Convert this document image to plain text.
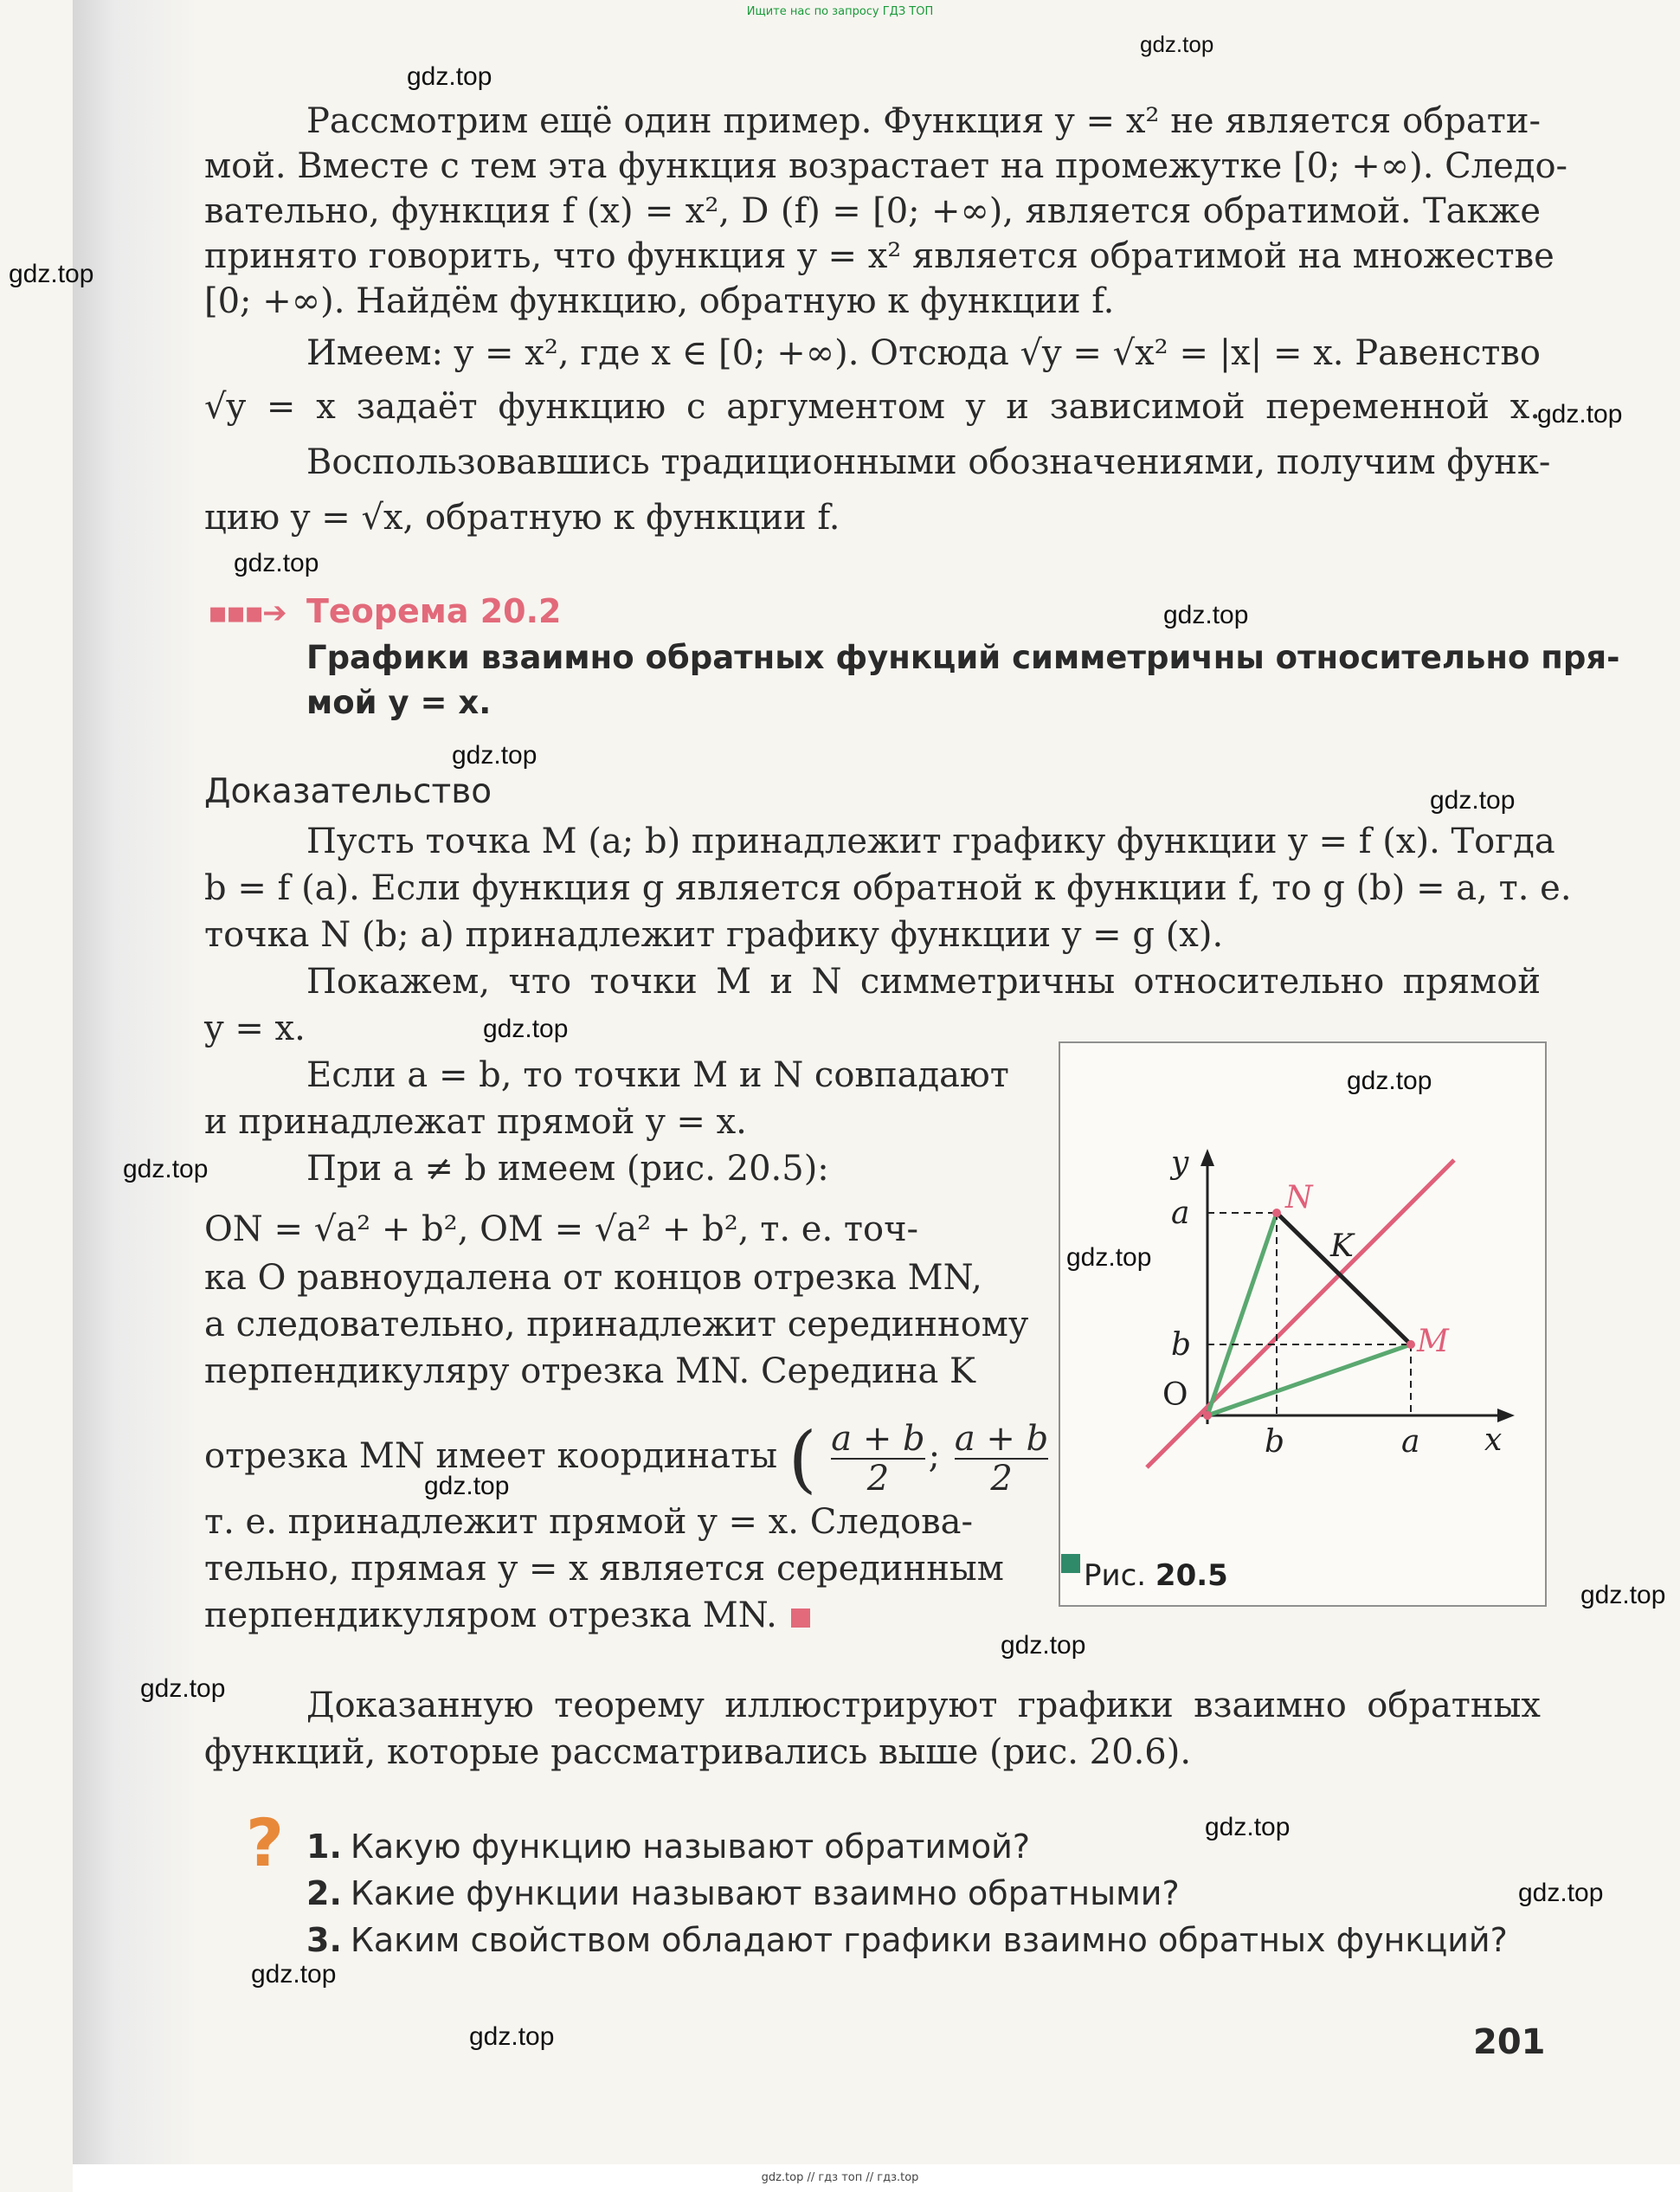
Ищите нас по запросу ГДЗ ТОП
Рассмотрим ещё один пример. Функция y = x² не является обрати-
мой. Вместе с тем эта функция возрастает на промежутке [0; +∞). Следо-
вательно, функция f (x) = x², D (f) = [0; +∞), является обратимой. Также
принято говорить, что функция y = x² является обратимой на множестве
[0; +∞). Найдём функцию, обратную к функции f.
Имеем: y = x², где x ∈ [0; +∞). Отсюда √y = √x² = |x| = x. Равенство
√y = x задаёт функцию с аргументом y и зависимой переменной x.
Воспользовавшись традиционными обозначениями, получим функ-
цию y = √x, обратную к функции f.
▪▪▪➔ Теорема 20.2
Графики взаимно обратных функций симметричны относительно пря-
мой y = x.
Доказательство
Пусть точка M (a; b) принадлежит графику функции y = f (x). Тогда
b = f (a). Если функция g является обратной к функции f, то g (b) = a, т. е.
точка N (b; a) принадлежит графику функции y = g (x).
Покажем, что точки M и N симметричны относительно прямой
y = x.
Если a = b, то точки M и N совпадают
и принадлежат прямой y = x.
При a ≠ b имеем (рис. 20.5):
ON = √a² + b², OM = √a² + b², т. е. точ-
ка O равноудалена от концов отрезка MN,
а следовательно, принадлежит серединному
перпендикуляру отрезка MN. Середина K
отрезка MN имеет координаты ( $\frac{a + b}{2}$ ; $\frac{a + b}{2}$
т. е. принадлежит прямой y = x. Следова-
тельно, прямая y = x является серединным
перпендикуляром отрезка MN.
y
x
a
b
O
b	a
N
K
M
Рис. 20.5
Доказанную теорему иллюстрируют графики взаимно обратных
функций, которые рассматривались выше (рис. 20.6).
? 1. Какую функцию называют обратимой?
2. Какие функции называют взаимно обратными?
3. Каким свойством обладают графики взаимно обратных функций?
201
gdz.top
gdz.top
gdz.top
gdz.top
gdz.top
gdz.top
gdz.top
gdz.top
gdz.top
gdz.top
gdz.top
gdz.top
gdz.top
gdz.top
gdz.top
gdz.top
gdz.top
gdz.top
gdz.top
gdz.top
gdz.top // гдз топ // гдз.top
